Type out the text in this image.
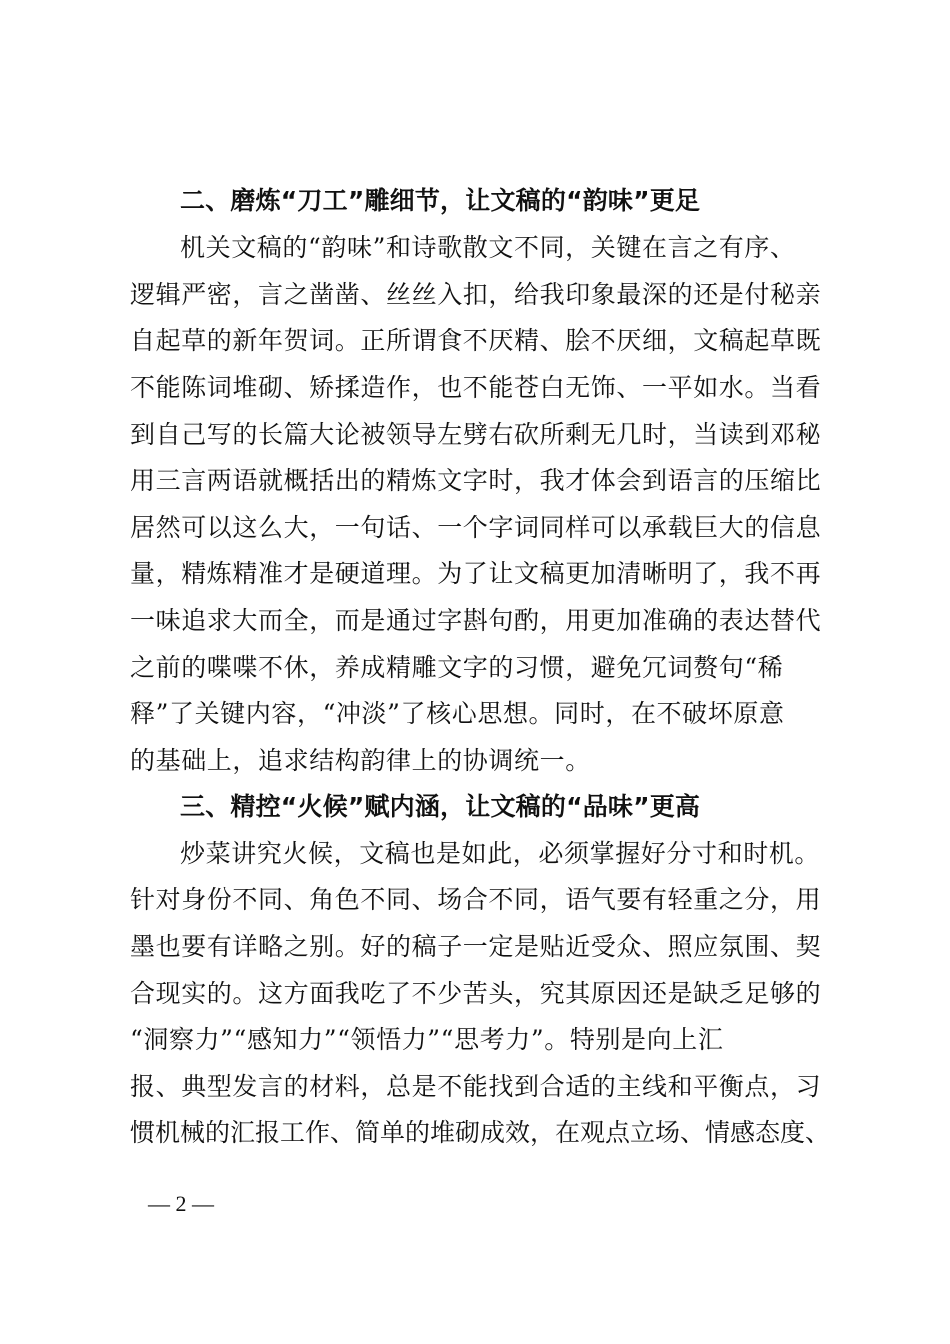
二、磨炼“刀工”雕细节，让文稿的“韵味”更足
机关文稿的“韵味”和诗歌散文不同，关键在言之有序、
逻辑严密，言之凿凿、丝丝入扣，给我印象最深的还是付秘亲
自起草的新年贺词。正所谓食不厌精、脍不厌细，文稿起草既
不能陈词堆砌、矫揉造作，也不能苍白无饰、一平如水。当看
到自己写的长篇大论被领导左劈右砍所剩无几时，当读到邓秘
用三言两语就概括出的精炼文字时，我才体会到语言的压缩比
居然可以这么大，一句话、一个字词同样可以承载巨大的信息
量，精炼精准才是硬道理。为了让文稿更加清晰明了，我不再
一味追求大而全，而是通过字斟句酌，用更加准确的表达替代
之前的喋喋不休，养成精雕文字的习惯，避免冗词赘句“稀
释”了关键内容，“冲淡”了核心思想。同时，在不破坏原意
的基础上，追求结构韵律上的协调统一。
三、精控“火候”赋内涵，让文稿的“品味”更高
炒菜讲究火候，文稿也是如此，必须掌握好分寸和时机。
针对身份不同、角色不同、场合不同，语气要有轻重之分，用
墨也要有详略之别。好的稿子一定是贴近受众、照应氛围、契
合现实的。这方面我吃了不少苦头，究其原因还是缺乏足够的
“洞察力”“感知力”“领悟力”“思考力”。特别是向上汇
报、典型发言的材料，总是不能找到合适的主线和平衡点，习
惯机械的汇报工作、简单的堆砌成效，在观点立场、情感态度、
— 2 —
